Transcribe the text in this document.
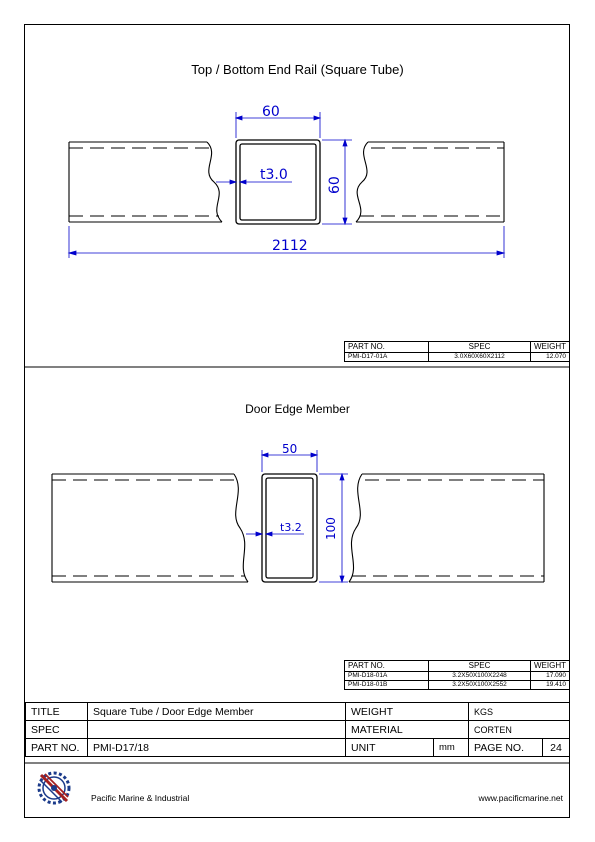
Top / Bottom End Rail (Square Tube)
Door Edge Member
60
60
t3.0
2112
50
100
t3.2
PART NO.	SPEC	WEIGHT
PMI-D17-01A	3.0X60X60X2112	12.070
PART NO.	SPEC	WEIGHT
PMI-D18-01A	3.2X50X100X2248	17.090
PMI-D18-01B	3.2X50X100X2552	19.410
TITLE	Square Tube / Door Edge Member	WEIGHT		KGS	
SPEC		MATERIAL		CORTEN	
PART NO.	PMI-D17/18	UNIT	mm	PAGE NO.	24
Pacific Marine & Industrial	www.pacificmarine.net
